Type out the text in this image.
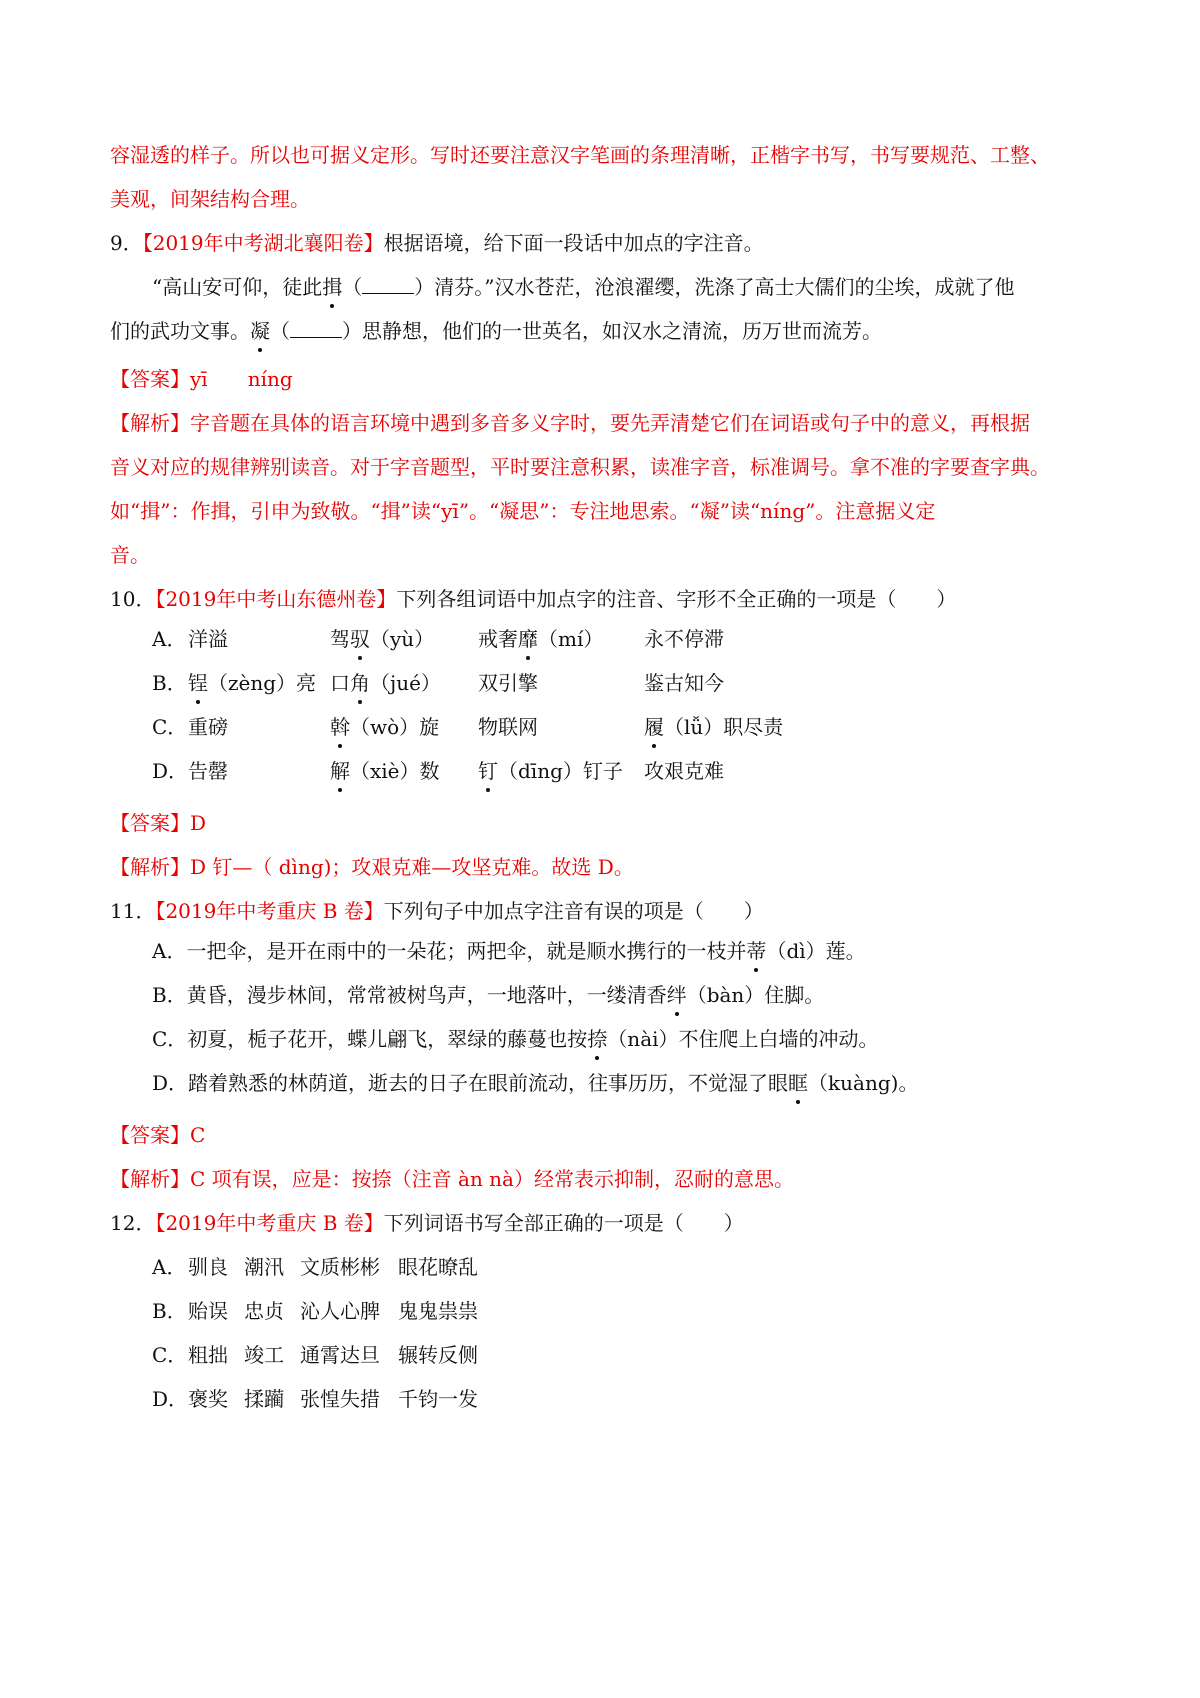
容湿透的样子。所以也可据义定形。写时还要注意汉字笔画的条理清晰，正楷字书写，书写要规范、工整、
美观，间架结构合理。
9．【2019年中考湖北襄阳卷】根据语境，给下面一段话中加点的字注音。
“高山安可仰，徒此揖（	）清芬。”汉水苍茫，沧浪濯缨，洗涤了高士大儒们的尘埃，成就了他
们的武功文事。凝（	）思静想，他们的一世英名，如汉水之清流，历万世而流芳。
【答案】yī　　níng
【解析】字音题在具体的语言环境中遇到多音多义字时，要先弄清楚它们在词语或句子中的意义，再根据
音义对应的规律辨别读音。对于字音题型，平时要注意积累，读准字音，标准调号。拿不准的字要查字典。
如“揖”：作揖，引申为致敬。“揖”读“yī”。“凝思”：专注地思索。“凝”读“níng”。注意据义定
音。
10．【2019年中考山东德州卷】下列各组词语中加点字的注音、字形不全正确的一项是（　　）
A． 洋溢	驾驭（yù） 戒奢靡（mí） 永不停滞
B． 锃（zèng）亮 口角（jué） 双引擎	鉴古知今
C． 重磅	斡（wò）旋 物联网	履（lǚ）职尽责
D． 告罄	解（xiè）数 钉（dīng）钉子 攻艰克难
【答案】D
【解析】D 钉—（ dìng)；攻艰克难—攻坚克难。故选 D。
11．【2019年中考重庆 B 卷】下列句子中加点字注音有误的项是（　　）
A．一把伞，是开在雨中的一朵花；两把伞，就是顺水携行的一枝并蒂（dì）莲。
B．黄昏，漫步林间，常常被树鸟声，一地落叶，一缕清香绊（bàn）住脚。
C．初夏，栀子花开，蝶儿翩飞，翠绿的藤蔓也按捺（nài）不住爬上白墙的冲动。
D．踏着熟悉的林荫道，逝去的日子在眼前流动，往事历历，不觉湿了眼眶（kuàng)。
【答案】C
【解析】C 项有误，应是：按捺（注音 àn nà）经常表示抑制，忍耐的意思。
12．【2019年中考重庆 B 卷】下列词语书写全部正确的一项是（　　）
A． 驯良 潮汛 文质彬彬 眼花暸乱
B． 贻误 忠贞 沁人心脾 鬼鬼祟祟
C． 粗拙 竣工 通霄达旦 辗转反侧
D． 褒奖 揉躏 张惶失措 千钧一发
